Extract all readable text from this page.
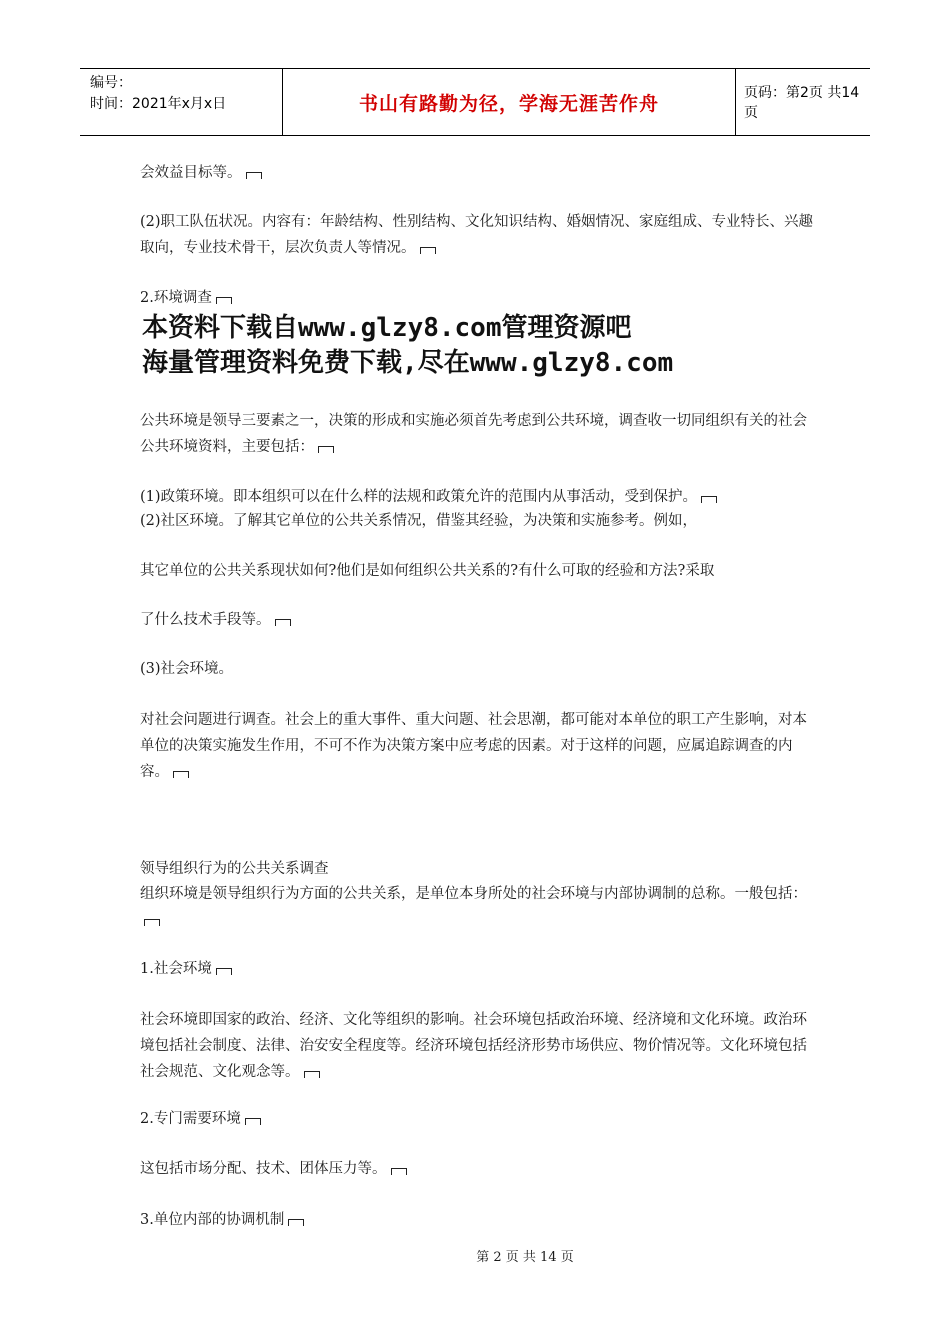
编号：
时间：2021年x月x日	书山有路勤为径，学海无涯苦作舟	页码：第2页 共14页

会效益目标等。

(2)职工队伍状况。内容有：年龄结构、性别结构、文化知识结构、婚姻情况、家庭组成、专业特长、兴趣取向，专业技术骨干，层次负责人等情况。

2.环境调查

本资料下载自www.glzy8.com管理资源吧

海量管理资料免费下载,尽在www.glzy8.com

公共环境是领导三要素之一，决策的形成和实施必须首先考虑到公共环境，调查收一切同组织有关的社会公共环境资料，主要包括：

(1)政策环境。即本组织可以在什么样的法规和政策允许的范围内从事活动，受到保护。

(2)社区环境。了解其它单位的公共关系情况，借鉴其经验，为决策和实施参考。例如，

其它单位的公共关系现状如何?他们是如何组织公共关系的?有什么可取的经验和方法?采取

了什么技术手段等。

(3)社会环境。

对社会问题进行调查。社会上的重大事件、重大问题、社会思潮，都可能对本单位的职工产生影响，对本单位的决策实施发生作用，不可不作为决策方案中应考虑的因素。对于这样的问题，应属追踪调查的内容。

领导组织行为的公共关系调查

组织环境是领导组织行为方面的公共关系，是单位本身所处的社会环境与内部协调制的总称。一般包括：

1.社会环境

社会环境即国家的政治、经济、文化等组织的影响。社会环境包括政治环境、经济境和文化环境。政治环境包括社会制度、法律、治安安全程度等。经济环境包括经济形势市场供应、物价情况等。文化环境包括社会规范、文化观念等。

2.专门需要环境

这包括市场分配、技术、团体压力等。

3.单位内部的协调机制

第 2 页 共 14 页
